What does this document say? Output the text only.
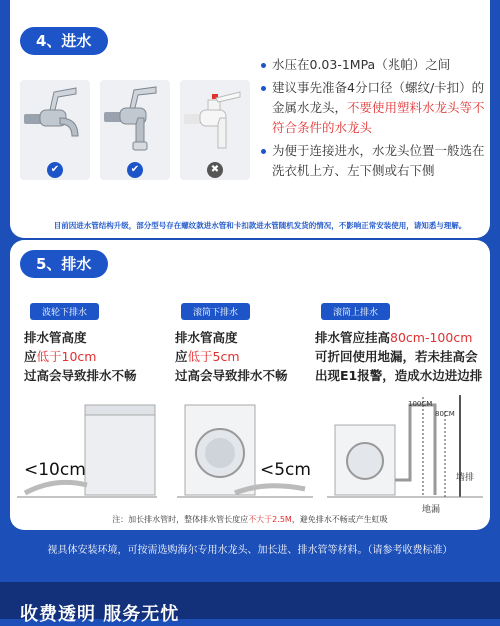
4、进水
✔	✔	✖
水压在0.03-1MPa（兆帕）之间
建议事先准备4分口径（螺纹/卡扣）的金属水龙头，不要使用塑料水龙头等不符合条件的水龙头
为便于连接进水，水龙头位置一般选在洗衣机上方、左下侧或右下侧
目前因进水管结构升级，部分型号存在螺纹款进水管和卡扣款进水管随机发货的情况，不影响正常安装使用，请知悉与理解。
5、排水
波轮下排水
排水管高度
应低于10cm
过高会导致排水不畅
<10cm
滚筒下排水
排水管高度
应低于5cm
过高会导致排水不畅
<5cm
滚筒上排水
排水管应挂高80cm-100cm
可折回使用地漏，若未挂高会
出现E1报警，造成水边进边排
100CM
80CM
墙排
地漏
注：加长排水管时，整体排水管长度应不大于2.5M，避免排水不畅或产生虹吸
视具体安装环境，可按需选购海尔专用水龙头、加长进、排水管等材料。（请参考收费标准）
收费透明 服务无忧
